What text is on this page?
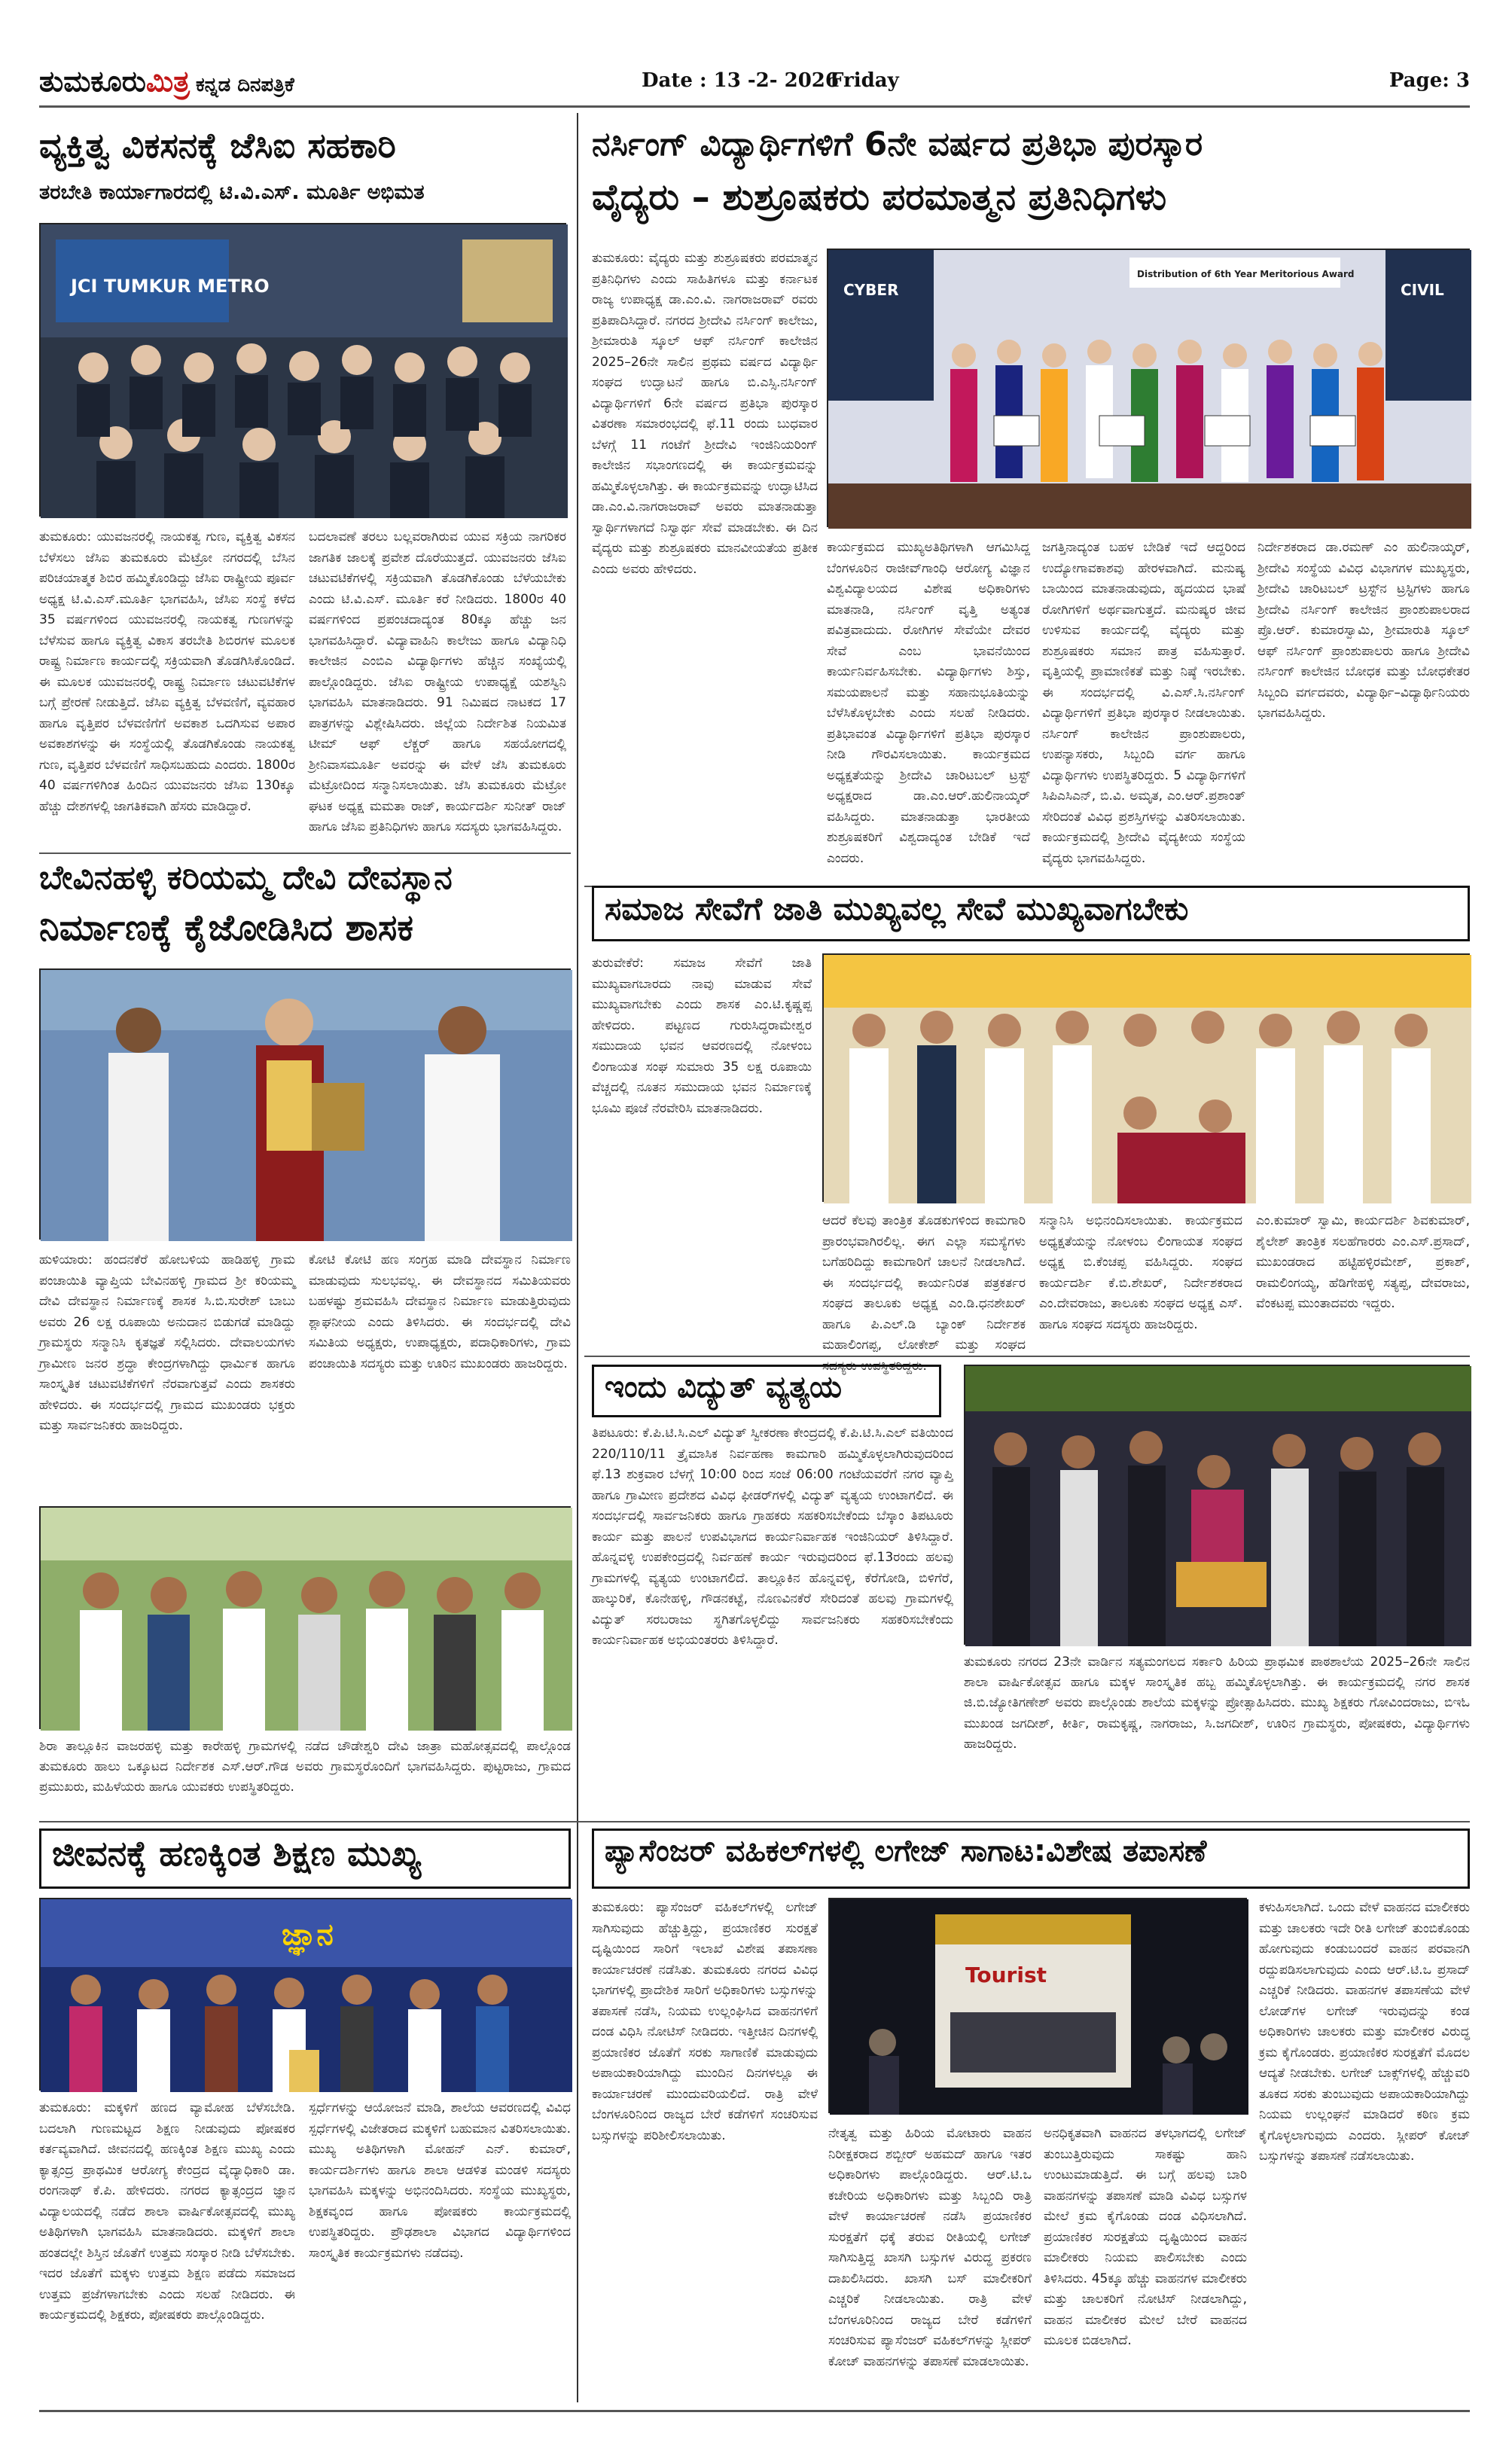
ತುಮಕೂರುಮಿತ್ರ ಕನ್ನಡ ದಿನಪತ್ರಿಕೆ	Date : 13 -2- 2026
Friday	Page: 3
ವ್ಯಕ್ತಿತ್ವ ವಿಕಸನಕ್ಕೆ ಜೆಸಿಐ ಸಹಕಾರಿ
ತರಬೇತಿ ಕಾರ್ಯಾಗಾರದಲ್ಲಿ ಟಿ.ವಿ.ಎಸ್. ಮೂರ್ತಿ ಅಭಿಮತ
JCI TUMKUR METRO
ತುಮಕೂರು: ಯುವಜನರಲ್ಲಿ ನಾಯಕತ್ವ ಗುಣ, ವ್ಯಕ್ತಿತ್ವ ವಿಕಸನ ಬೆಳೆಸಲು ಜೆಸಿಐ ತುಮಕೂರು ಮೆಟ್ರೋ ನಗರದಲ್ಲಿ ಬೆಸಿನ ಪರಿಚಯಾತ್ಮಕ ಶಿಬಿರ ಹಮ್ಮಿಕೊಂಡಿದ್ದು ಜೆಸಿಐ ರಾಷ್ಟ್ರೀಯ ಪೂರ್ವ ಅಧ್ಯಕ್ಷ ಟಿ.ವಿ.ಎಸ್.ಮೂರ್ತಿ ಭಾಗವಹಿಸಿ, ಜೆಸಿಐ ಸಂಸ್ಥೆ ಕಳೆದ 35 ವರ್ಷಗಳಿಂದ ಯುವಜನರಲ್ಲಿ ನಾಯಕತ್ವ ಗುಣಗಳನ್ನು ಬೆಳೆಸುವ ಹಾಗೂ ವ್ಯಕ್ತಿತ್ವ ವಿಕಾಸ ತರಬೇತಿ ಶಿಬಿರಗಳ ಮೂಲಕ ರಾಷ್ಟ್ರ ನಿರ್ಮಾಣ ಕಾರ್ಯದಲ್ಲಿ ಸಕ್ರಿಯವಾಗಿ ತೊಡಗಿಸಿಕೊಂಡಿದೆ. ಈ ಮೂಲಕ ಯುವಜನರಲ್ಲಿ ರಾಷ್ಟ್ರ ನಿರ್ಮಾಣ ಚಟುವಟಿಕೆಗಳ ಬಗ್ಗೆ ಪ್ರೇರಣೆ ನೀಡುತ್ತಿದೆ. ಜೆಸಿಐ ವ್ಯಕ್ತಿತ್ವ ಬೆಳವಣಿಗೆ, ವ್ಯವಹಾರ ಹಾಗೂ ವೃತ್ತಿಪರ ಬೆಳವಣಿಗೆಗೆ ಅವಕಾಶ ಒದಗಿಸುವ ಅಪಾರ ಅವಕಾಶಗಳನ್ನು ಈ ಸಂಸ್ಥೆಯಲ್ಲಿ ತೊಡಗಿಕೊಂಡು ನಾಯಕತ್ವ ಗುಣ, ವೃತ್ತಿಪರ ಬೆಳವಣಿಗೆ ಸಾಧಿಸಬಹುದು ಎಂದರು. 1800ರ 40 ವರ್ಷಗಳಿಗಿಂತ ಹಿಂದಿನ ಯುವಜನರು ಜೆಸಿಐ 130ಕ್ಕೂ ಹೆಚ್ಚು ದೇಶಗಳಲ್ಲಿ ಜಾಗತಿಕವಾಗಿ ಹೆಸರು ಮಾಡಿದ್ದಾರೆ.
ಬದಲಾವಣೆ ತರಲು ಬಲ್ಲವರಾಗಿರುವ ಯುವ ಸಕ್ರಿಯ ನಾಗರಿಕರ ಜಾಗತಿಕ ಜಾಲಕ್ಕೆ ಪ್ರವೇಶ ದೊರೆಯುತ್ತದೆ. ಯುವಜನರು ಜೆಸಿಐ ಚಟುವಟಿಕೆಗಳಲ್ಲಿ ಸಕ್ರಿಯವಾಗಿ ತೊಡಗಿಕೊಂಡು ಬೆಳೆಯಬೇಕು ಎಂದು ಟಿ.ವಿ.ಎಸ್. ಮೂರ್ತಿ ಕರೆ ನೀಡಿದರು. 1800ರ 40 ವರ್ಷಗಳಿಂದ ಪ್ರಪಂಚದಾದ್ಯಂತ 80ಕ್ಕೂ ಹೆಚ್ಚು ಜನ ಭಾಗವಹಿಸಿದ್ದಾರೆ. ವಿದ್ಯಾವಾಹಿನಿ ಕಾಲೇಜು ಹಾಗೂ ವಿದ್ಯಾನಿಧಿ ಕಾಲೇಜಿನ ಎಂಬಿಎ ವಿದ್ಯಾರ್ಥಿಗಳು ಹೆಚ್ಚಿನ ಸಂಖ್ಯೆಯಲ್ಲಿ ಪಾಲ್ಗೊಂಡಿದ್ದರು. ಜೆಸಿಐ ರಾಷ್ಟ್ರೀಯ ಉಪಾಧ್ಯಕ್ಷೆ ಯಶಸ್ವಿನಿ ಭಾಗವಹಿಸಿ ಮಾತನಾಡಿದರು. 91 ನಿಮಿಷದ ನಾಟಕದ 17 ಪಾತ್ರಗಳನ್ನು ವಿಶ್ಲೇಷಿಸಿದರು. ಜಿಲ್ಲೆಯ ನಿರ್ದೇಶಿತ ನಿಯಮಿತ ಟೀಮ್ ಆಫ್ ಲೆಕ್ಚರ್ ಹಾಗೂ ಸಹಯೋಗದಲ್ಲಿ ಶ್ರೀನಿವಾಸಮೂರ್ತಿ ಅವರನ್ನು ಈ ವೇಳೆ ಜೆಸಿ ತುಮಕೂರು ಮೆಟ್ರೋದಿಂದ ಸನ್ಮಾನಿಸಲಾಯಿತು. ಜೆಸಿ ತುಮಕೂರು ಮೆಟ್ರೋ ಘಟಕ ಅಧ್ಯಕ್ಷ ಮಮತಾ ರಾಜ್, ಕಾರ್ಯದರ್ಶಿ ಸುನೀತ್ ರಾಜ್ ಹಾಗೂ ಜೆಸಿಐ ಪ್ರತಿನಿಧಿಗಳು ಹಾಗೂ ಸದಸ್ಯರು ಭಾಗವಹಿಸಿದ್ದರು.
ನರ್ಸಿಂಗ್ ವಿದ್ಯಾರ್ಥಿಗಳಿಗೆ 6ನೇ ವರ್ಷದ ಪ್ರತಿಭಾ ಪುರಸ್ಕಾರ
ವೈದ್ಯರು – ಶುಶ್ರೂಷಕರು ಪರಮಾತ್ಮನ ಪ್ರತಿನಿಧಿಗಳು
ತುಮಕೂರು: ವೈದ್ಯರು ಮತ್ತು ಶುಶ್ರೂಷಕರು ಪರಮಾತ್ಮನ ಪ್ರತಿನಿಧಿಗಳು ಎಂದು ಸಾಹಿತಿಗಳೂ ಮತ್ತು ಕರ್ನಾಟಕ ರಾಜ್ಯ ಉಪಾಧ್ಯಕ್ಷ ಡಾ.ಎಂ.ವಿ. ನಾಗರಾಜರಾವ್ ರವರು ಪ್ರತಿಪಾದಿಸಿದ್ದಾರೆ. ನಗರದ ಶ್ರೀದೇವಿ ನರ್ಸಿಂಗ್ ಕಾಲೇಜು, ಶ್ರೀಮಾರುತಿ ಸ್ಕೂಲ್ ಆಫ್ ನರ್ಸಿಂಗ್ ಕಾಲೇಜಿನ 2025–26ನೇ ಸಾಲಿನ ಪ್ರಥಮ ವರ್ಷದ ವಿದ್ಯಾರ್ಥಿ ಸಂಘದ ಉದ್ಘಾಟನೆ ಹಾಗೂ ಬಿ.ಎಸ್ಸಿ.ನರ್ಸಿಂಗ್ ವಿದ್ಯಾರ್ಥಿಗಳಿಗೆ 6ನೇ ವರ್ಷದ ಪ್ರತಿಭಾ ಪುರಸ್ಕಾರ ವಿತರಣಾ ಸಮಾರಂಭದಲ್ಲಿ ಫೆ.11 ರಂದು ಬುಧವಾರ ಬೆಳಗ್ಗೆ 11 ಗಂಟೆಗೆ ಶ್ರೀದೇವಿ ಇಂಜಿನಿಯರಿಂಗ್ ಕಾಲೇಜಿನ ಸಭಾಂಗಣದಲ್ಲಿ ಈ ಕಾರ್ಯಕ್ರಮವನ್ನು ಹಮ್ಮಿಕೊಳ್ಳಲಾಗಿತ್ತು. ಈ ಕಾರ್ಯಕ್ರಮವನ್ನು ಉದ್ಘಾಟಿಸಿದ ಡಾ.ಎಂ.ವಿ.ನಾಗರಾಜರಾವ್ ಅವರು ಮಾತನಾಡುತ್ತಾ ಸ್ವಾರ್ಥಿಗಳಾಗದೆ ನಿಸ್ವಾರ್ಥ ಸೇವೆ ಮಾಡಬೇಕು. ಈ ದಿನ ವೈದ್ಯರು ಮತ್ತು ಶುಶ್ರೂಷಕರು ಮಾನವೀಯತೆಯ ಪ್ರತೀಕ ಎಂದು ಅವರು ಹೇಳಿದರು.
CYBER	CIVIL
Distribution of 6th Year Meritorious Award
ಕಾರ್ಯಕ್ರಮದ ಮುಖ್ಯಅತಿಥಿಗಳಾಗಿ ಆಗಮಿಸಿದ್ದ ಬೆಂಗಳೂರಿನ ರಾಜೀವ್‌ಗಾಂಧಿ ಆರೋಗ್ಯ ವಿಜ್ಞಾನ ವಿಶ್ವವಿದ್ಯಾಲಯದ ವಿಶೇಷ ಅಧಿಕಾರಿಗಳು ಮಾತನಾಡಿ, ನರ್ಸಿಂಗ್ ವೃತ್ತಿ ಅತ್ಯಂತ ಪವಿತ್ರವಾದುದು. ರೋಗಿಗಳ ಸೇವೆಯೇ ದೇವರ ಸೇವೆ ಎಂಬ ಭಾವನೆಯಿಂದ ಕಾರ್ಯನಿರ್ವಹಿಸಬೇಕು. ವಿದ್ಯಾರ್ಥಿಗಳು ಶಿಸ್ತು, ಸಮಯಪಾಲನೆ ಮತ್ತು ಸಹಾನುಭೂತಿಯನ್ನು ಬೆಳೆಸಿಕೊಳ್ಳಬೇಕು ಎಂದು ಸಲಹೆ ನೀಡಿದರು. ಪ್ರತಿಭಾವಂತ ವಿದ್ಯಾರ್ಥಿಗಳಿಗೆ ಪ್ರತಿಭಾ ಪುರಸ್ಕಾರ ನೀಡಿ ಗೌರವಿಸಲಾಯಿತು. ಕಾರ್ಯಕ್ರಮದ ಅಧ್ಯಕ್ಷತೆಯನ್ನು ಶ್ರೀದೇವಿ ಚಾರಿಟಬಲ್ ಟ್ರಸ್ಟ್ ಅಧ್ಯಕ್ಷರಾದ ಡಾ.ಎಂ.ಆರ್.ಹುಲಿನಾಯ್ಕರ್ ವಹಿಸಿದ್ದರು. ಮಾತನಾಡುತ್ತಾ ಭಾರತೀಯ ಶುಶ್ರೂಷಕರಿಗೆ ವಿಶ್ವದಾದ್ಯಂತ ಬೇಡಿಕೆ ಇದೆ ಎಂದರು.
ಜಗತ್ತಿನಾದ್ಯಂತ ಬಹಳ ಬೇಡಿಕೆ ಇದೆ ಆದ್ದರಿಂದ ಉದ್ಯೋಗಾವಕಾಶವು ಹೇರಳವಾಗಿದೆ. ಮನುಷ್ಯ ಬಾಯಿಂದ ಮಾತನಾಡುವುದು, ಹೃದಯದ ಭಾಷೆ ರೋಗಿಗಳಿಗೆ ಅರ್ಥವಾಗುತ್ತದೆ. ಮನುಷ್ಯರ ಜೀವ ಉಳಿಸುವ ಕಾರ್ಯದಲ್ಲಿ ವೈದ್ಯರು ಮತ್ತು ಶುಶ್ರೂಷಕರು ಸಮಾನ ಪಾತ್ರ ವಹಿಸುತ್ತಾರೆ. ವೃತ್ತಿಯಲ್ಲಿ ಪ್ರಾಮಾಣಿಕತೆ ಮತ್ತು ನಿಷ್ಠೆ ಇರಬೇಕು. ಈ ಸಂದರ್ಭದಲ್ಲಿ ವಿ.ಎಸ್.ಸಿ.ನರ್ಸಿಂಗ್ ವಿದ್ಯಾರ್ಥಿಗಳಿಗೆ ಪ್ರತಿಭಾ ಪುರಸ್ಕಾರ ನೀಡಲಾಯಿತು. ನರ್ಸಿಂಗ್ ಕಾಲೇಜಿನ ಪ್ರಾಂಶುಪಾಲರು, ಉಪನ್ಯಾಸಕರು, ಸಿಬ್ಬಂದಿ ವರ್ಗ ಹಾಗೂ ವಿದ್ಯಾರ್ಥಿಗಳು ಉಪಸ್ಥಿತರಿದ್ದರು. 5 ವಿದ್ಯಾರ್ಥಿಗಳಿಗೆ ಸಿಪಿಎಸಿಎನ್, ಬಿ.ವಿ. ಅಮೃತ, ಎಂ.ಆರ್.ಪ್ರಶಾಂತ್ ಸೇರಿದಂತೆ ವಿವಿಧ ಪ್ರಶಸ್ತಿಗಳನ್ನು ವಿತರಿಸಲಾಯಿತು. ಕಾರ್ಯಕ್ರಮದಲ್ಲಿ ಶ್ರೀದೇವಿ ವೈದ್ಯಕೀಯ ಸಂಸ್ಥೆಯ ವೈದ್ಯರು ಭಾಗವಹಿಸಿದ್ದರು.
ನಿರ್ದೇಶಕರಾದ ಡಾ.ರಮಣ್ ಎಂ ಹುಲಿನಾಯ್ಕರ್, ಶ್ರೀದೇವಿ ಸಂಸ್ಥೆಯ ವಿವಿಧ ವಿಭಾಗಗಳ ಮುಖ್ಯಸ್ಥರು, ಶ್ರೀದೇವಿ ಚಾರಿಟಬಲ್ ಟ್ರಸ್ಟ್‌ನ ಟ್ರಸ್ಟಿಗಳು ಹಾಗೂ ಶ್ರೀದೇವಿ ನರ್ಸಿಂಗ್ ಕಾಲೇಜಿನ ಪ್ರಾಂಶುಪಾಲರಾದ ಪ್ರೊ.ಆರ್. ಕುಮಾರಸ್ವಾಮಿ, ಶ್ರೀಮಾರುತಿ ಸ್ಕೂಲ್ ಆಫ್ ನರ್ಸಿಂಗ್ ಪ್ರಾಂಶುಪಾಲರು ಹಾಗೂ ಶ್ರೀದೇವಿ ನರ್ಸಿಂಗ್ ಕಾಲೇಜಿನ ಬೋಧಕ ಮತ್ತು ಬೋಧಕೇತರ ಸಿಬ್ಬಂದಿ ವರ್ಗದವರು, ವಿದ್ಯಾರ್ಥಿ–ವಿದ್ಯಾರ್ಥಿನಿಯರು ಭಾಗವಹಿಸಿದ್ದರು.
ಬೇವಿನಹಳ್ಳಿ ಕರಿಯಮ್ಮ ದೇವಿ ದೇವಸ್ಥಾನ
ನಿರ್ಮಾಣಕ್ಕೆ ಕೈಜೋಡಿಸಿದ ಶಾಸಕ
ಹುಳಿಯಾರು: ಹಂದನಕೆರೆ ಹೋಬಳಿಯ ಹಾಡಿಹಳ್ಳಿ ಗ್ರಾಮ ಪಂಚಾಯಿತಿ ವ್ಯಾಪ್ತಿಯ ಬೇವಿನಹಳ್ಳಿ ಗ್ರಾಮದ ಶ್ರೀ ಕರಿಯಮ್ಮ ದೇವಿ ದೇವಸ್ಥಾನ ನಿರ್ಮಾಣಕ್ಕೆ ಶಾಸಕ ಸಿ.ಬಿ.ಸುರೇಶ್ ಬಾಬು ಅವರು 26 ಲಕ್ಷ ರೂಪಾಯಿ ಅನುದಾನ ಬಿಡುಗಡೆ ಮಾಡಿದ್ದು ಗ್ರಾಮಸ್ಥರು ಸನ್ಮಾನಿಸಿ ಕೃತಜ್ಞತೆ ಸಲ್ಲಿಸಿದರು. ದೇವಾಲಯಗಳು ಗ್ರಾಮೀಣ ಜನರ ಶ್ರದ್ಧಾ ಕೇಂದ್ರಗಳಾಗಿದ್ದು ಧಾರ್ಮಿಕ ಹಾಗೂ ಸಾಂಸ್ಕೃತಿಕ ಚಟುವಟಿಕೆಗಳಿಗೆ ನೆರವಾಗುತ್ತವೆ ಎಂದು ಶಾಸಕರು ಹೇಳಿದರು. ಈ ಸಂದರ್ಭದಲ್ಲಿ ಗ್ರಾಮದ ಮುಖಂಡರು ಭಕ್ತರು ಮತ್ತು ಸಾರ್ವಜನಿಕರು ಹಾಜರಿದ್ದರು.
ಕೋಟಿ ಕೋಟಿ ಹಣ ಸಂಗ್ರಹ ಮಾಡಿ ದೇವಸ್ಥಾನ ನಿರ್ಮಾಣ ಮಾಡುವುದು ಸುಲಭವಲ್ಲ. ಈ ದೇವಸ್ಥಾನದ ಸಮಿತಿಯವರು ಬಹಳಷ್ಟು ಶ್ರಮವಹಿಸಿ ದೇವಸ್ಥಾನ ನಿರ್ಮಾಣ ಮಾಡುತ್ತಿರುವುದು ಶ್ಲಾಘನೀಯ ಎಂದು ತಿಳಿಸಿದರು. ಈ ಸಂದರ್ಭದಲ್ಲಿ ದೇವಿ ಸಮಿತಿಯ ಅಧ್ಯಕ್ಷರು, ಉಪಾಧ್ಯಕ್ಷರು, ಪದಾಧಿಕಾರಿಗಳು, ಗ್ರಾಮ ಪಂಚಾಯಿತಿ ಸದಸ್ಯರು ಮತ್ತು ಊರಿನ ಮುಖಂಡರು ಹಾಜರಿದ್ದರು.
ಶಿರಾ ತಾಲ್ಲೂಕಿನ ವಾಜರಹಳ್ಳಿ ಮತ್ತು ಕಾರೇಹಳ್ಳಿ ಗ್ರಾಮಗಳಲ್ಲಿ ನಡೆದ ಚೌಡೇಶ್ವರಿ ದೇವಿ ಜಾತ್ರಾ ಮಹೋತ್ಸವದಲ್ಲಿ ಪಾಲ್ಗೊಂಡ ತುಮಕೂರು ಹಾಲು ಒಕ್ಕೂಟದ ನಿರ್ದೇಶಕ ಎಸ್.ಆರ್.ಗೌಡ ಅವರು ಗ್ರಾಮಸ್ಥರೊಂದಿಗೆ ಭಾಗವಹಿಸಿದ್ದರು. ಪುಟ್ಟರಾಜು, ಗ್ರಾಮದ ಪ್ರಮುಖರು, ಮಹಿಳೆಯರು ಹಾಗೂ ಯುವಕರು ಉಪಸ್ಥಿತರಿದ್ದರು.
ಸಮಾಜ ಸೇವೆಗೆ ಜಾತಿ ಮುಖ್ಯವಲ್ಲ ಸೇವೆ ಮುಖ್ಯವಾಗಬೇಕು
ತುರುವೇಕೆರೆ: ಸಮಾಜ ಸೇವೆಗೆ ಜಾತಿ ಮುಖ್ಯವಾಗಬಾರದು ನಾವು ಮಾಡುವ ಸೇವೆ ಮುಖ್ಯವಾಗಬೇಕು ಎಂದು ಶಾಸಕ ಎಂ.ಟಿ.ಕೃಷ್ಣಪ್ಪ ಹೇಳಿದರು. ಪಟ್ಟಣದ ಗುರುಸಿದ್ಧರಾಮೇಶ್ವರ ಸಮುದಾಯ ಭವನ ಆವರಣದಲ್ಲಿ ನೋಳಂಬ ಲಿಂಗಾಯತ ಸಂಘ ಸುಮಾರು 35 ಲಕ್ಷ ರೂಪಾಯಿ ವೆಚ್ಚದಲ್ಲಿ ನೂತನ ಸಮುದಾಯ ಭವನ ನಿರ್ಮಾಣಕ್ಕೆ ಭೂಮಿ ಪೂಜೆ ನೆರವೇರಿಸಿ ಮಾತನಾಡಿದರು.
ಆದರೆ ಕೆಲವು ತಾಂತ್ರಿಕ ತೊಡಕುಗಳಿಂದ ಕಾಮಗಾರಿ ಪ್ರಾರಂಭವಾಗಿರಲಿಲ್ಲ. ಈಗ ಎಲ್ಲಾ ಸಮಸ್ಯೆಗಳು ಬಗೆಹರಿದಿದ್ದು ಕಾಮಗಾರಿಗೆ ಚಾಲನೆ ನೀಡಲಾಗಿದೆ. ಈ ಸಂದರ್ಭದಲ್ಲಿ ಕಾರ್ಯನಿರತ ಪತ್ರಕರ್ತರ ಸಂಘದ ತಾಲೂಕು ಅಧ್ಯಕ್ಷ ಎಂ.ಡಿ.ಧನಶೇಖರ್ ಹಾಗೂ ಪಿ.ಎಲ್.ಡಿ ಬ್ಯಾಂಕ್ ನಿರ್ದೇಶಕ ಮಹಾಲಿಂಗಪ್ಪ, ಲೋಕೇಶ್ ಮತ್ತು ಸಂಘದ ಸದಸ್ಯರು ಉಪಸ್ಥಿತರಿದ್ದರು.
ಸನ್ಮಾನಿಸಿ ಅಭಿನಂದಿಸಲಾಯಿತು. ಕಾರ್ಯಕ್ರಮದ ಅಧ್ಯಕ್ಷತೆಯನ್ನು ನೋಳಂಬ ಲಿಂಗಾಯತ ಸಂಘದ ಅಧ್ಯಕ್ಷ ಬಿ.ಕೆಂಚಪ್ಪ ವಹಿಸಿದ್ದರು. ಸಂಘದ ಕಾರ್ಯದರ್ಶಿ ಕೆ.ಬಿ.ಶೇಖರ್, ನಿರ್ದೇಶಕರಾದ ಎಂ.ದೇವರಾಜು, ತಾಲೂಕು ಸಂಘದ ಅಧ್ಯಕ್ಷ ಎಸ್. ಹಾಗೂ ಸಂಘದ ಸದಸ್ಯರು ಹಾಜರಿದ್ದರು.
ಎಂ.ಕುಮಾರ್ ಸ್ವಾಮಿ, ಕಾರ್ಯದರ್ಶಿ ಶಿವಕುಮಾರ್, ಶೈಲೇಶ್ ತಾಂತ್ರಿಕ ಸಲಹೆಗಾರರು ಎಂ.ಎಸ್.ಪ್ರಸಾದ್, ಮುಖಂಡರಾದ ಹಟ್ಟಿಹಳ್ಳಿರಮೇಶ್, ಪ್ರಕಾಶ್, ರಾಮಲಿಂಗಯ್ಯ, ಹೆಡಿಗೇಹಳ್ಳಿ ಸತ್ಯಪ್ಪ, ದೇವರಾಜು, ವೆಂಕಟಪ್ಪ ಮುಂತಾದವರು ಇದ್ದರು.
ಇಂದು ವಿದ್ಯುತ್ ವ್ಯತ್ಯಯ
ತಿಪಟೂರು: ಕೆ.ಪಿ.ಟಿ.ಸಿ.ಎಲ್ ವಿದ್ಯುತ್ ಸ್ವೀಕರಣಾ ಕೇಂದ್ರದಲ್ಲಿ ಕೆ.ಪಿ.ಟಿ.ಸಿ.ಎಲ್ ವತಿಯಿಂದ 220/110/11 ತ್ರೈಮಾಸಿಕ ನಿರ್ವಹಣಾ ಕಾಮಗಾರಿ ಹಮ್ಮಿಕೊಳ್ಳಲಾಗಿರುವುದರಿಂದ ಫೆ.13 ಶುಕ್ರವಾರ ಬೆಳಗ್ಗೆ 10:00 ರಿಂದ ಸಂಜೆ 06:00 ಗಂಟೆಯವರೆಗೆ ನಗರ ವ್ಯಾಪ್ತಿ ಹಾಗೂ ಗ್ರಾಮೀಣ ಪ್ರದೇಶದ ವಿವಿಧ ಫೀಡರ್‌ಗಳಲ್ಲಿ ವಿದ್ಯುತ್ ವ್ಯತ್ಯಯ ಉಂಟಾಗಲಿದೆ. ಈ ಸಂದರ್ಭದಲ್ಲಿ ಸಾರ್ವಜನಿಕರು ಹಾಗೂ ಗ್ರಾಹಕರು ಸಹಕರಿಸಬೇಕೆಂದು ಬೆಸ್ಕಾಂ ತಿಪಟೂರು ಕಾರ್ಯ ಮತ್ತು ಪಾಲನೆ ಉಪವಿಭಾಗದ ಕಾರ್ಯನಿರ್ವಾಹಕ ಇಂಜಿನಿಯರ್ ತಿಳಿಸಿದ್ದಾರೆ. ಹೊನ್ನವಳ್ಳಿ ಉಪಕೇಂದ್ರದಲ್ಲಿ ನಿರ್ವಹಣೆ ಕಾರ್ಯ ಇರುವುದರಿಂದ ಫೆ.13ರಂದು ಹಲವು ಗ್ರಾಮಗಳಲ್ಲಿ ವ್ಯತ್ಯಯ ಉಂಟಾಗಲಿದೆ. ತಾಲ್ಲೂಕಿನ ಹೊನ್ನವಳ್ಳಿ, ಕೆರೆಗೋಡಿ, ಬಿಳಿಗೆರೆ, ಹಾಲ್ಕುರಿಕೆ, ಕೊನೇಹಳ್ಳಿ, ಗೌಡನಕಟ್ಟೆ, ನೊಣವಿನಕೆರೆ ಸೇರಿದಂತೆ ಹಲವು ಗ್ರಾಮಗಳಲ್ಲಿ ವಿದ್ಯುತ್ ಸರಬರಾಜು ಸ್ಥಗಿತಗೊಳ್ಳಲಿದ್ದು ಸಾರ್ವಜನಿಕರು ಸಹಕರಿಸಬೇಕೆಂದು ಕಾರ್ಯನಿರ್ವಾಹಕ ಅಭಿಯಂತರರು ತಿಳಿಸಿದ್ದಾರೆ.
ತುಮಕೂರು ನಗರದ 23ನೇ ವಾರ್ಡಿನ ಸತ್ಯಮಂಗಲದ ಸರ್ಕಾರಿ ಹಿರಿಯ ಪ್ರಾಥಮಿಕ ಪಾಠಶಾಲೆಯ 2025–26ನೇ ಸಾಲಿನ ಶಾಲಾ ವಾರ್ಷಿಕೋತ್ಸವ ಹಾಗೂ ಮಕ್ಕಳ ಸಾಂಸ್ಕೃತಿಕ ಹಬ್ಬ ಹಮ್ಮಿಕೊಳ್ಳಲಾಗಿತ್ತು. ಈ ಕಾರ್ಯಕ್ರಮದಲ್ಲಿ ನಗರ ಶಾಸಕ ಜಿ.ಬಿ.ಜ್ಯೋತಿಗಣೇಶ್ ಅವರು ಪಾಲ್ಗೊಂಡು ಶಾಲೆಯ ಮಕ್ಕಳನ್ನು ಪ್ರೋತ್ಸಾಹಿಸಿದರು. ಮುಖ್ಯ ಶಿಕ್ಷಕರು ಗೋವಿಂದರಾಜು, ಬಿಇಓ ಮುಖಂಡ ಜಗದೀಶ್, ಕೀರ್ತಿ, ರಾಮಕೃಷ್ಣ, ನಾಗರಾಜು, ಸಿ.ಜಗದೀಶ್, ಊರಿನ ಗ್ರಾಮಸ್ಥರು, ಪೋಷಕರು, ವಿದ್ಯಾರ್ಥಿಗಳು ಹಾಜರಿದ್ದರು.
ಜೀವನಕ್ಕೆ ಹಣಕ್ಕಿಂತ ಶಿಕ್ಷಣ ಮುಖ್ಯ
ಜ್ಞಾನ
ತುಮಕೂರು: ಮಕ್ಕಳಿಗೆ ಹಣದ ವ್ಯಾಮೋಹ ಬೆಳೆಸಬೇಡಿ. ಬದಲಾಗಿ ಗುಣಮಟ್ಟದ ಶಿಕ್ಷಣ ನೀಡುವುದು ಪೋಷಕರ ಕರ್ತವ್ಯವಾಗಿದೆ. ಜೀವನದಲ್ಲಿ ಹಣಕ್ಕಿಂತ ಶಿಕ್ಷಣ ಮುಖ್ಯ ಎಂದು ಕ್ಯಾತ್ಸಂದ್ರ ಪ್ರಾಥಮಿಕ ಆರೋಗ್ಯ ಕೇಂದ್ರದ ವೈದ್ಯಾಧಿಕಾರಿ ಡಾ. ರಂಗನಾಥ್ ಕೆ.ಪಿ. ಹೇಳಿದರು. ನಗರದ ಕ್ಯಾತ್ಸಂದ್ರದ ಜ್ಞಾನ ವಿದ್ಯಾಲಯದಲ್ಲಿ ನಡೆದ ಶಾಲಾ ವಾರ್ಷಿಕೋತ್ಸವದಲ್ಲಿ ಮುಖ್ಯ ಅತಿಥಿಗಳಾಗಿ ಭಾಗವಹಿಸಿ ಮಾತನಾಡಿದರು. ಮಕ್ಕಳಿಗೆ ಶಾಲಾ ಹಂತದಲ್ಲೇ ಶಿಸ್ತಿನ ಜೊತೆಗೆ ಉತ್ತಮ ಸಂಸ್ಕಾರ ನೀಡಿ ಬೆಳೆಸಬೇಕು. ಇದರ ಜೊತೆಗೆ ಮಕ್ಕಳು ಉತ್ತಮ ಶಿಕ್ಷಣ ಪಡೆದು ಸಮಾಜದ ಉತ್ತಮ ಪ್ರಜೆಗಳಾಗಬೇಕು ಎಂದು ಸಲಹೆ ನೀಡಿದರು. ಈ ಕಾರ್ಯಕ್ರಮದಲ್ಲಿ ಶಿಕ್ಷಕರು, ಪೋಷಕರು ಪಾಲ್ಗೊಂಡಿದ್ದರು.
ಸ್ಪರ್ಧೆಗಳನ್ನು ಆಯೋಜನೆ ಮಾಡಿ, ಶಾಲೆಯ ಆವರಣದಲ್ಲಿ ವಿವಿಧ ಸ್ಪರ್ಧೆಗಳಲ್ಲಿ ವಿಜೇತರಾದ ಮಕ್ಕಳಿಗೆ ಬಹುಮಾನ ವಿತರಿಸಲಾಯಿತು. ಮುಖ್ಯ ಅತಿಥಿಗಳಾಗಿ ಮೋಹನ್ ಎನ್. ಕುಮಾರ್, ಕಾರ್ಯದರ್ಶಿಗಳು ಹಾಗೂ ಶಾಲಾ ಆಡಳಿತ ಮಂಡಳಿ ಸದಸ್ಯರು ಭಾಗವಹಿಸಿ ಮಕ್ಕಳನ್ನು ಅಭಿನಂದಿಸಿದರು. ಸಂಸ್ಥೆಯ ಮುಖ್ಯಸ್ಥರು, ಶಿಕ್ಷಕವೃಂದ ಹಾಗೂ ಪೋಷಕರು ಕಾರ್ಯಕ್ರಮದಲ್ಲಿ ಉಪಸ್ಥಿತರಿದ್ದರು. ಪ್ರೌಢಶಾಲಾ ವಿಭಾಗದ ವಿದ್ಯಾರ್ಥಿಗಳಿಂದ ಸಾಂಸ್ಕೃತಿಕ ಕಾರ್ಯಕ್ರಮಗಳು ನಡೆದವು.
ಪ್ಯಾಸೆಂಜರ್ ವಹಿಕಲ್‌ಗಳಲ್ಲಿ ಲಗೇಜ್ ಸಾಗಾಟ:ವಿಶೇಷ ತಪಾಸಣೆ
ತುಮಕೂರು: ಪ್ಯಾಸೆಂಜರ್ ವಹಿಕಲ್‌ಗಳಲ್ಲಿ ಲಗೇಜ್ ಸಾಗಿಸುವುದು ಹೆಚ್ಚುತ್ತಿದ್ದು, ಪ್ರಯಾಣಿಕರ ಸುರಕ್ಷತೆ ದೃಷ್ಟಿಯಿಂದ ಸಾರಿಗೆ ಇಲಾಖೆ ವಿಶೇಷ ತಪಾಸಣಾ ಕಾರ್ಯಾಚರಣೆ ನಡೆಸಿತು. ತುಮಕೂರು ನಗರದ ವಿವಿಧ ಭಾಗಗಳಲ್ಲಿ ಪ್ರಾದೇಶಿಕ ಸಾರಿಗೆ ಅಧಿಕಾರಿಗಳು ಬಸ್ಸುಗಳನ್ನು ತಪಾಸಣೆ ನಡೆಸಿ, ನಿಯಮ ಉಲ್ಲಂಘಿಸಿದ ವಾಹನಗಳಿಗೆ ದಂಡ ವಿಧಿಸಿ ನೋಟಿಸ್ ನೀಡಿದರು. ಇತ್ತೀಚಿನ ದಿನಗಳಲ್ಲಿ ಪ್ರಯಾಣಿಕರ ಜೊತೆಗೆ ಸರಕು ಸಾಗಾಣಿಕೆ ಮಾಡುವುದು ಅಪಾಯಕಾರಿಯಾಗಿದ್ದು ಮುಂದಿನ ದಿನಗಳಲ್ಲೂ ಈ ಕಾರ್ಯಾಚರಣೆ ಮುಂದುವರಿಯಲಿದೆ. ರಾತ್ರಿ ವೇಳೆ ಬೆಂಗಳೂರಿನಿಂದ ರಾಜ್ಯದ ಬೇರೆ ಕಡೆಗಳಿಗೆ ಸಂಚರಿಸುವ ಬಸ್ಸುಗಳನ್ನು ಪರಿಶೀಲಿಸಲಾಯಿತು.
Tourist
ನೇತೃತ್ವ ಮತ್ತು ಹಿರಿಯ ಮೋಟಾರು ವಾಹನ ನಿರೀಕ್ಷಕರಾದ ಶಬ್ಬೀರ್ ಅಹಮದ್ ಹಾಗೂ ಇತರ ಅಧಿಕಾರಿಗಳು ಪಾಲ್ಗೊಂಡಿದ್ದರು. ಆರ್.ಟಿ.ಒ ಕಚೇರಿಯ ಅಧಿಕಾರಿಗಳು ಮತ್ತು ಸಿಬ್ಬಂದಿ ರಾತ್ರಿ ವೇಳೆ ಕಾರ್ಯಾಚರಣೆ ನಡೆಸಿ ಪ್ರಯಾಣಿಕರ ಸುರಕ್ಷತೆಗೆ ಧಕ್ಕೆ ತರುವ ರೀತಿಯಲ್ಲಿ ಲಗೇಜ್ ಸಾಗಿಸುತ್ತಿದ್ದ ಖಾಸಗಿ ಬಸ್ಸುಗಳ ವಿರುದ್ಧ ಪ್ರಕರಣ ದಾಖಲಿಸಿದರು. ಖಾಸಗಿ ಬಸ್ ಮಾಲೀಕರಿಗೆ ಎಚ್ಚರಿಕೆ ನೀಡಲಾಯಿತು. ರಾತ್ರಿ ವೇಳೆ ಬೆಂಗಳೂರಿನಿಂದ ರಾಜ್ಯದ ಬೇರೆ ಕಡೆಗಳಿಗೆ ಸಂಚರಿಸುವ ಪ್ಯಾಸೆಂಜರ್ ವಹಿಕಲ್‌ಗಳನ್ನು ಸ್ಲೀಪರ್ ಕೋಚ್ ವಾಹನಗಳನ್ನು ತಪಾಸಣೆ ಮಾಡಲಾಯಿತು.
ಅನಧಿಕೃತವಾಗಿ ವಾಹನದ ತಳಭಾಗದಲ್ಲಿ ಲಗೇಜ್ ತುಂಬುತ್ತಿರುವುದು ಸಾಕಷ್ಟು ಹಾನಿ ಉಂಟುಮಾಡುತ್ತಿದೆ. ಈ ಬಗ್ಗೆ ಹಲವು ಬಾರಿ ವಾಹನಗಳನ್ನು ತಪಾಸಣೆ ಮಾಡಿ ವಿವಿಧ ಬಸ್ಸುಗಳ ಮೇಲೆ ಕ್ರಮ ಕೈಗೊಂಡು ದಂಡ ವಿಧಿಸಲಾಗಿದೆ. ಪ್ರಯಾಣಿಕರ ಸುರಕ್ಷತೆಯ ದೃಷ್ಟಿಯಿಂದ ವಾಹನ ಮಾಲೀಕರು ನಿಯಮ ಪಾಲಿಸಬೇಕು ಎಂದು ತಿಳಿಸಿದರು. 45ಕ್ಕೂ ಹೆಚ್ಚು ವಾಹನಗಳ ಮಾಲೀಕರು ಮತ್ತು ಚಾಲಕರಿಗೆ ನೋಟಿಸ್ ನೀಡಲಾಗಿದ್ದು, ವಾಹನ ಮಾಲೀಕರ ಮೇಲೆ ಬೇರೆ ವಾಹನದ ಮೂಲಕ ಬಿಡಲಾಗಿದೆ.
ಕಳುಹಿಸಲಾಗಿದೆ. ಒಂದು ವೇಳೆ ವಾಹನದ ಮಾಲೀಕರು ಮತ್ತು ಚಾಲಕರು ಇದೇ ರೀತಿ ಲಗೇಜ್ ತುಂಬಿಕೊಂಡು ಹೋಗುವುದು ಕಂಡುಬಂದರೆ ವಾಹನ ಪರವಾನಗಿ ರದ್ದುಪಡಿಸಲಾಗುವುದು ಎಂದು ಆರ್.ಟಿ.ಒ ಪ್ರಸಾದ್ ಎಚ್ಚರಿಕೆ ನೀಡಿದರು. ವಾಹನಗಳ ತಪಾಸಣೆಯ ವೇಳೆ ಲೋಡ್‌ಗಳ ಲಗೇಜ್ ಇರುವುದನ್ನು ಕಂಡ ಅಧಿಕಾರಿಗಳು ಚಾಲಕರು ಮತ್ತು ಮಾಲೀಕರ ವಿರುದ್ಧ ಕ್ರಮ ಕೈಗೊಂಡರು. ಪ್ರಯಾಣಿಕರ ಸುರಕ್ಷತೆಗೆ ಮೊದಲ ಆದ್ಯತೆ ನೀಡಬೇಕು. ಲಗೇಜ್ ಬಾಕ್ಸ್‌ಗಳಲ್ಲಿ ಹೆಚ್ಚುವರಿ ತೂಕದ ಸರಕು ತುಂಬುವುದು ಅಪಾಯಕಾರಿಯಾಗಿದ್ದು ನಿಯಮ ಉಲ್ಲಂಘನೆ ಮಾಡಿದರೆ ಕಠಿಣ ಕ್ರಮ ಕೈಗೊಳ್ಳಲಾಗುವುದು ಎಂದರು. ಸ್ಲೀಪರ್ ಕೋಚ್ ಬಸ್ಸುಗಳನ್ನು ತಪಾಸಣೆ ನಡೆಸಲಾಯಿತು.
